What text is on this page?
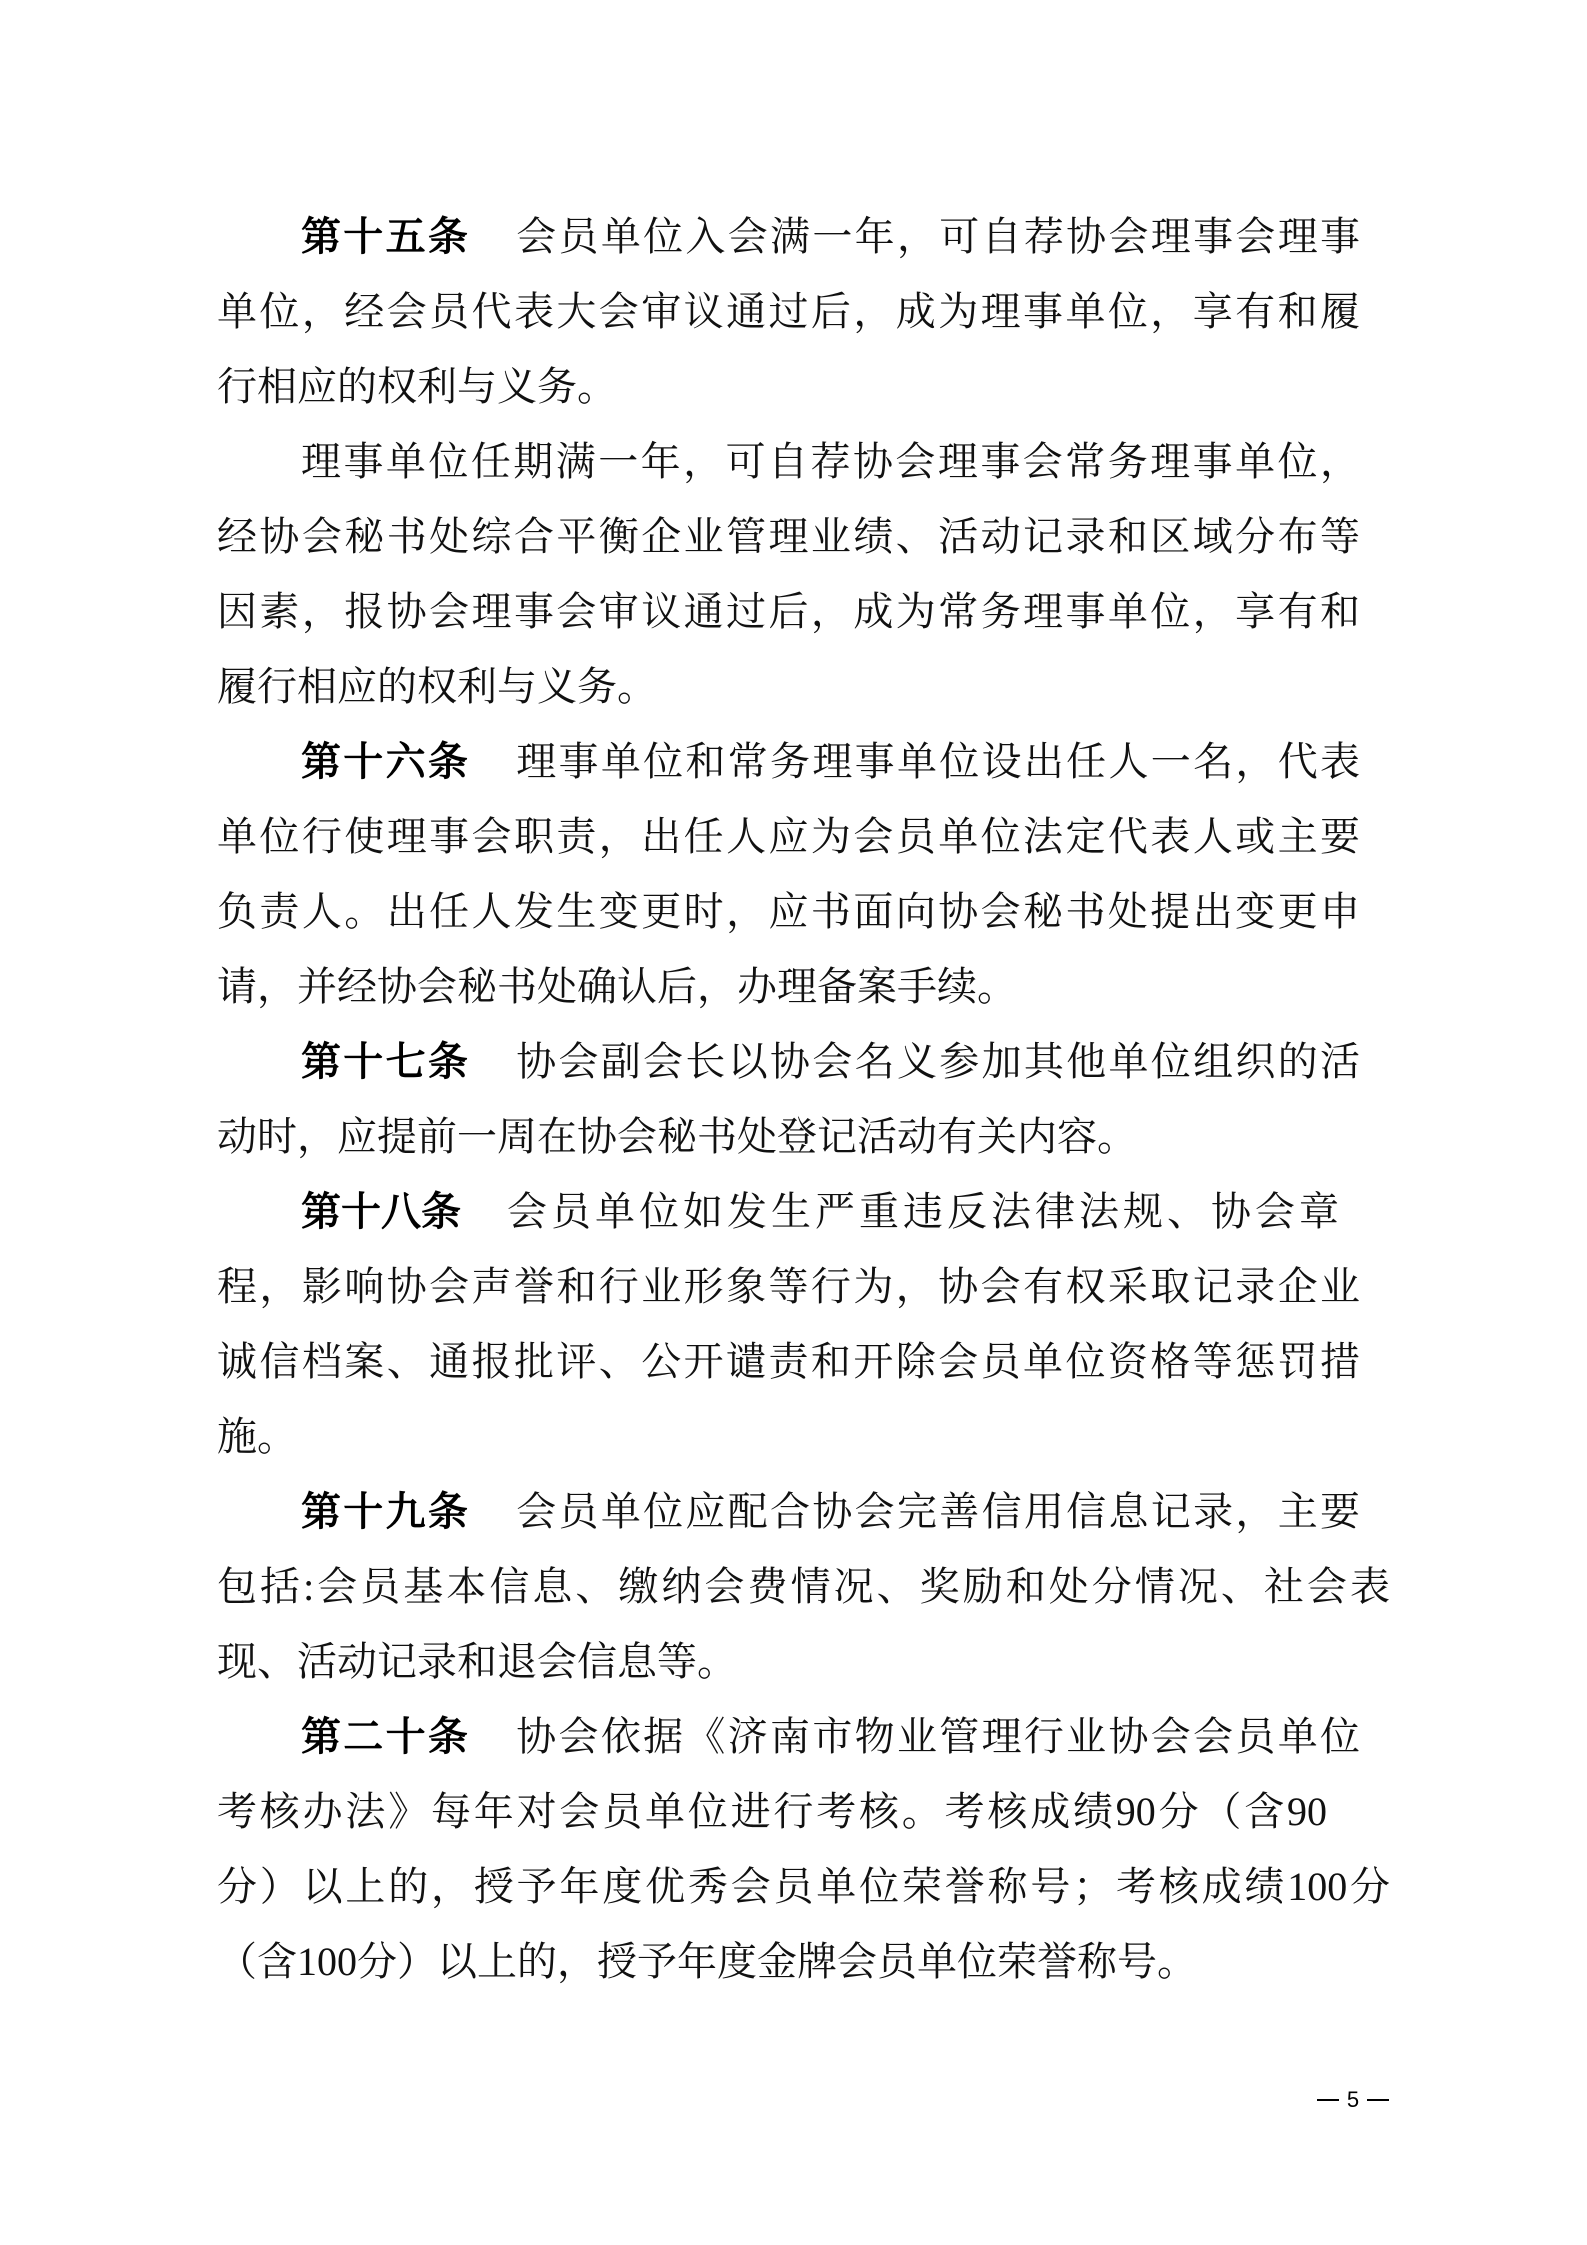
第十五条 会员单位入会满一年，可自荐协会理事会理事
单位，经会员代表大会审议通过后，成为理事单位，享有和履
行相应的权利与义务。
理事单位任期满一年，可自荐协会理事会常务理事单位，
经协会秘书处综合平衡企业管理业绩、活动记录和区域分布等
因素，报协会理事会审议通过后，成为常务理事单位，享有和
履行相应的权利与义务。
第十六条 理事单位和常务理事单位设出任人一名，代表
单位行使理事会职责，出任人应为会员单位法定代表人或主要
负责人。出任人发生变更时，应书面向协会秘书处提出变更申
请，并经协会秘书处确认后，办理备案手续。
第十七条 协会副会长以协会名义参加其他单位组织的活
动时，应提前一周在协会秘书处登记活动有关内容。
第十八条 会员单位如发生严重违反法律法规、协会章
程，影响协会声誉和行业形象等行为，协会有权采取记录企业
诚信档案、通报批评、公开谴责和开除会员单位资格等惩罚措
施。
第十九条 会员单位应配合协会完善信用信息记录，主要
包括:会员基本信息、缴纳会费情况、奖励和处分情况、社会表
现、活动记录和退会信息等。
第二十条 协会依据《济南市物业管理行业协会会员单位
考核办法》每年对会员单位进行考核。考核成绩90分（含90
分）以上的，授予年度优秀会员单位荣誉称号；考核成绩100分
（含100分）以上的，授予年度金牌会员单位荣誉称号。
5
